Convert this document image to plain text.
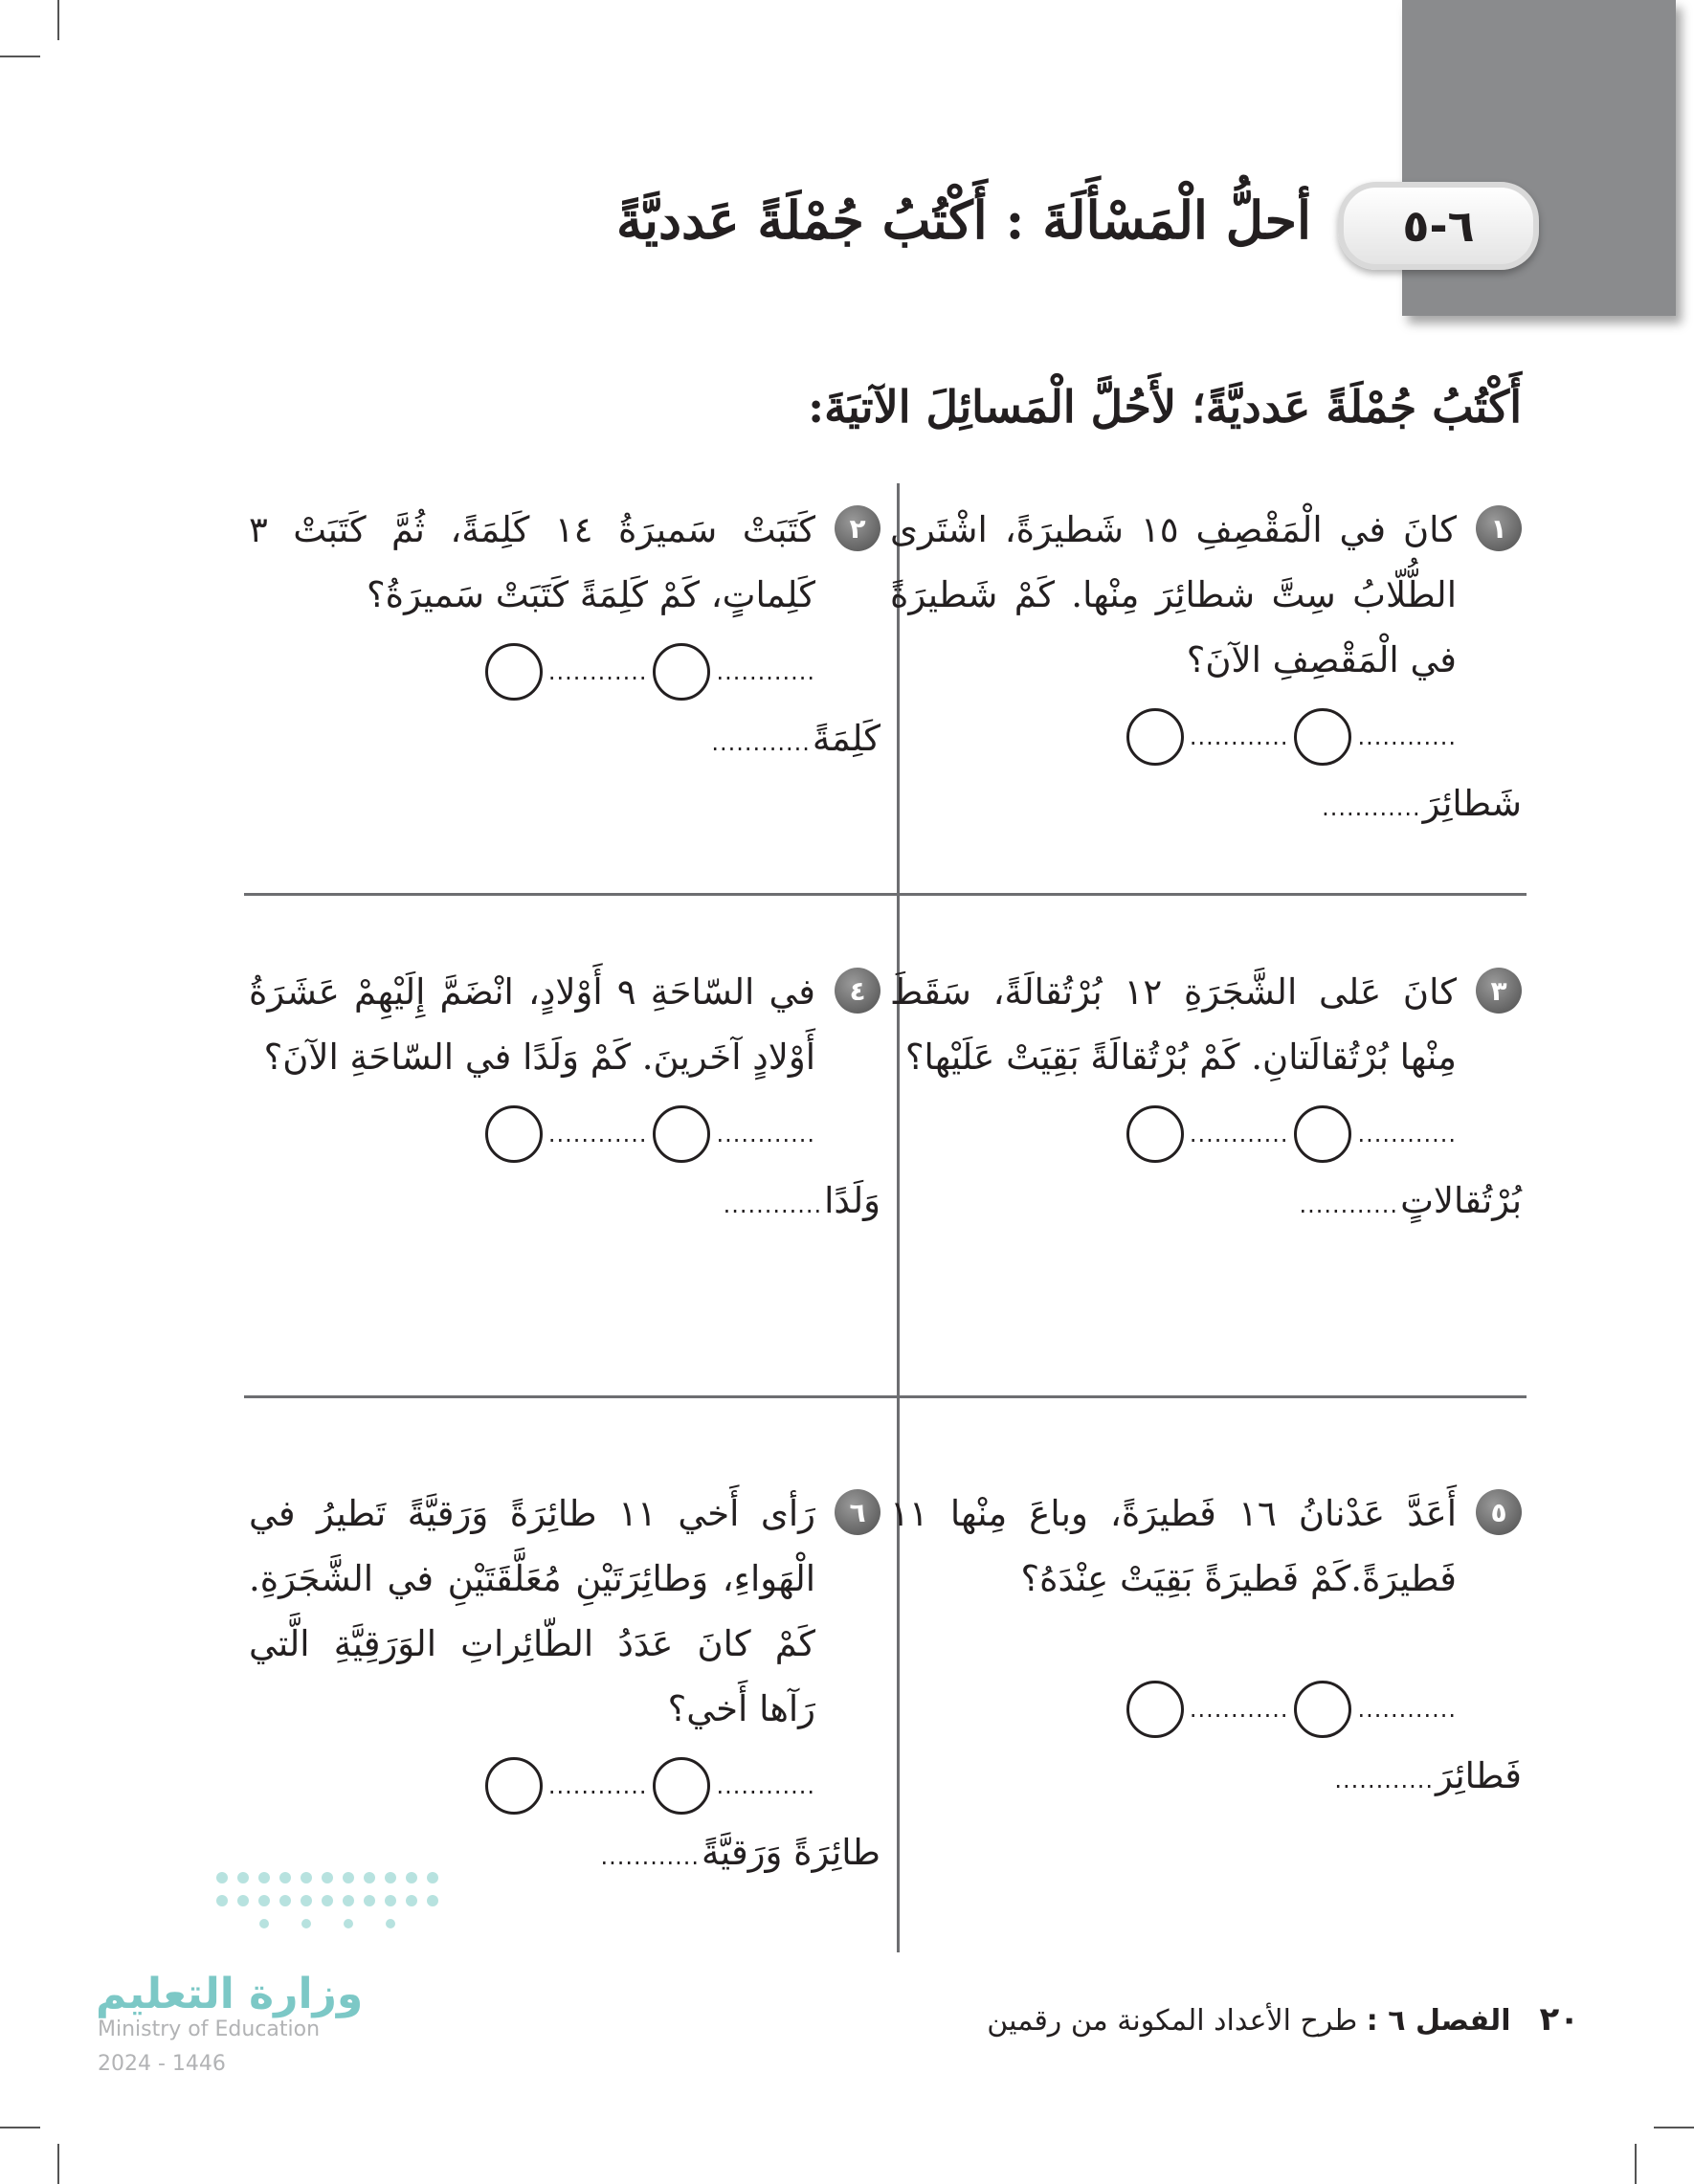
٦-٥
أحلُّ الْمَسْأَلَةَ : أَكْتُبُ جُمْلَةً عَدديَّةً
أَكْتُبُ جُمْلَةً عَدديَّةً؛ لأَحُلَّ الْمَسائِلَ الآتيَةَ:
١
كانَ في الْمَقْصِفِ ١٥ شَطيرَةً، اشْتَرى الطُّلّابُ سِتَّ شطائِرَ مِنْها. كَمْ شَطيرَةً في الْمَقْصِفِ الآنَ؟
............
............
شَطائِرَ
............
٢
كَتَبَتْ سَميرَةُ ١٤ كَلِمَةً، ثُمَّ كَتَبَتْ ٣ كَلِماتٍ، كَمْ كَلِمَةً كَتَبَتْ سَميرَةُ؟
............
............
كَلِمَةً
............
٣
كانَ عَلى الشَّجَرَةِ ١٢ بُرْتُقالَةً، سَقَطَ مِنْها بُرْتُقالَتانِ. كَمْ بُرْتُقالَةً بَقِيَتْ عَلَيْها؟
............
............
بُرْتُقالاتٍ
............
٤
في السّاحَةِ ٩ أَوْلادٍ، انْضَمَّ إِلَيْهِمْ عَشَرَةُ أَوْلادٍ آخَرينَ. كَمْ وَلَدًا في السّاحَةِ الآنَ؟
............
............
وَلَدًا
............
٥
أَعَدَّ عَدْنانُ ١٦ فَطيرَةً، وباعَ مِنْها ١١ فَطيرَةً.كَمْ فَطيرَةً بَقِيَتْ عِنْدَهُ؟
............
............
فَطائِرَ
............
٦
رَأى أَخي ١١ طائِرَةً وَرَقيَّةً تَطيرُ في الْهَواءِ، وَطائِرَتَيْنِ مُعَلَّقَتَيْنِ في الشَّجَرَةِ. كَمْ كانَ عَدَدُ الطّائِراتِ الوَرَقِيَّةِ الَّتي رَآها أَخي؟
............
............
طائِرَةً وَرَقيَّةً
............
وزارة التعليم
Ministry of Education
2024 - 1446
٢٠
الفصل ٦ : طرح الأعداد المكونة من رقمين
